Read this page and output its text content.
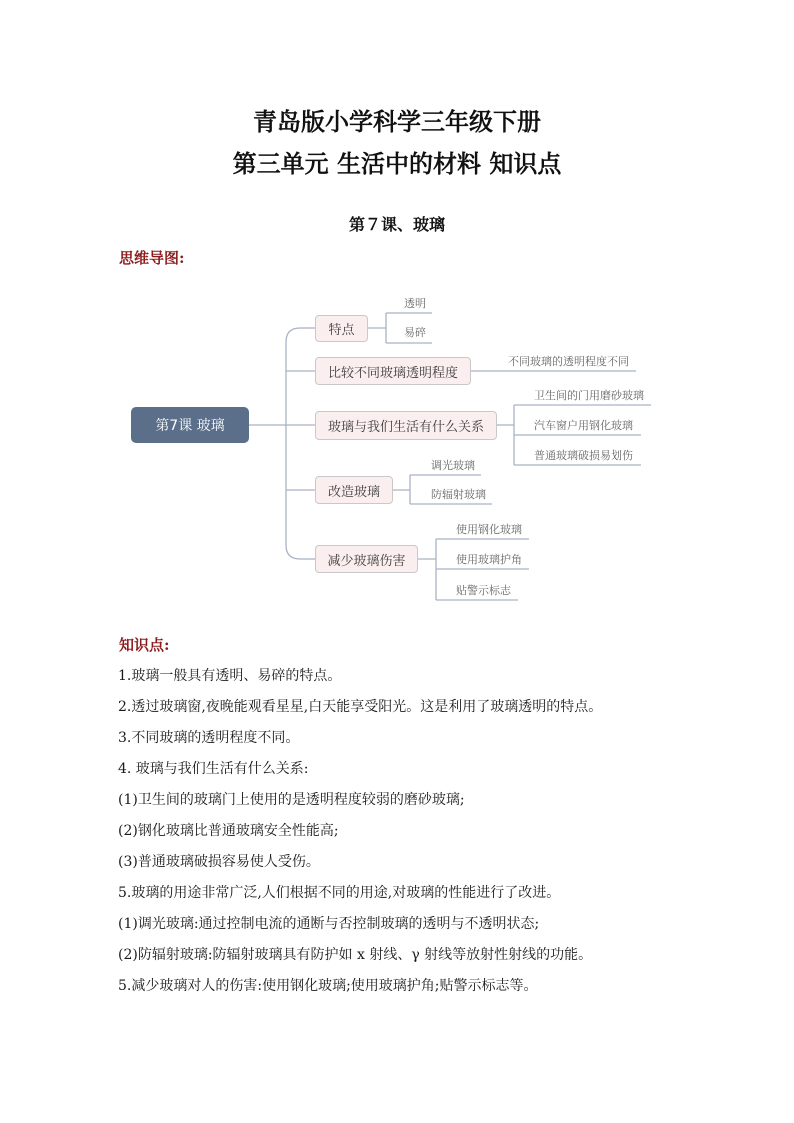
青岛版小学科学三年级下册
第三单元 生活中的材料 知识点
第７课、玻璃
思维导图:
第7课 玻璃
特点
比较不同玻璃透明程度
玻璃与我们生活有什么关系
改造玻璃
减少玻璃伤害
透明
易碎
不同玻璃的透明程度不同
卫生间的门用磨砂玻璃
汽车窗户用钢化玻璃
普通玻璃破损易划伤
调光玻璃
防辐射玻璃
使用钢化玻璃
使用玻璃护角
贴警示标志
知识点:
1.玻璃一般具有透明、易碎的特点。
2.透过玻璃窗,夜晚能观看星星,白天能享受阳光。这是利用了玻璃透明的特点。
3.不同玻璃的透明程度不同。
4. 玻璃与我们生活有什么关系:
(1)卫生间的玻璃门上使用的是透明程度较弱的磨砂玻璃;
(2)钢化玻璃比普通玻璃安全性能高;
(3)普通玻璃破损容易使人受伤。
5.玻璃的用途非常广泛,人们根据不同的用途,对玻璃的性能进行了改进。
(1)调光玻璃:通过控制电流的通断与否控制玻璃的透明与不透明状态;
(2)防辐射玻璃:防辐射玻璃具有防护如 x 射线、γ 射线等放射性射线的功能。
5.减少玻璃对人的伤害:使用钢化玻璃;使用玻璃护角;贴警示标志等。
